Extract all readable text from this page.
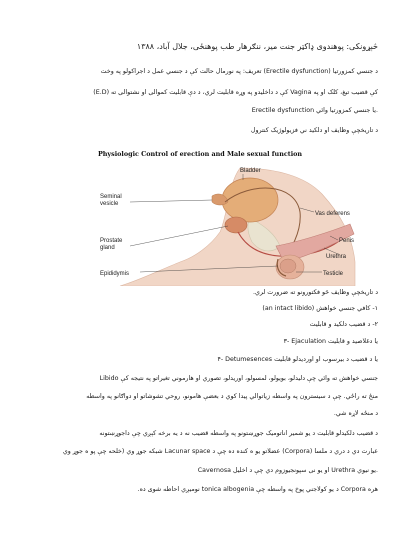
څېړونکی: پوهندوی ډاکټر جنت میر، ننګرهار طب پوهنځی، جلال آباد، ۱۳۸۸
د جنسي کمزورتیا (Erectile dysfunction) تعریف: په نورمال حالت کې د جنسي عمل د اجراکولو په وخت
کې قضیب تیغ، کلک او په Vagina کې د داخلیدو په وړه قابلیت لري، د دې قابلیت کموالی او نشتوالی ته (E.D)
Erectile dysfunction یا جنسي کمزورتیا وائي.
د تاریخچې وظایف او دلکید ني فزیولوژیک کنترول
Physiologic Control of erection and Male sexual function
Bladder
Seminal vesicle
Vas deferens
Prostate gland
Penis
Urethra
Epididymis	Testicle
د تاریخچې وظایف څو فکتورونو ته ضرورت لري.
۱- کافي جنسي خواهش (an intact libido)
۲- د قضیب دلکید و قابلیت
۳- Ejaculation یا دغلاصید و قابلیت
۴- Detumesences یا د قضیب د بیرسوب او اوردیدلو قابلیت
Libido جنسي خواهش ته وائي چې دلیدلو، بویولو، لمسولو، اوریدلو، تصوري او هارموني تغیراتو په نتیجه کې
منځ ته راځي. چې د سیسترون په واسطه زیاتوالي پیدا کوي د بعضې هامونو، روحي تشوشاتو او دواګانو په واسطه
د منځه لاړه شي.
د قضیب دلکیدلو قابلیت د یو شمیر اناتومیک جوړښتونو په واسطه قضیب نه د یه برخه کېږي چې داجوړښتونه
عبارت دي د دري د ملسا (Corpora) عضلاتو یو ه کنده ده چې د Lacunar space شبکه جوړ وي (خلحه چې پو ه جوړ وي
Cavernosa او یو نی سپونجیوزوم دي چې د اخلیل Urethra یو نیوي.
هره Corpora د یو کولاجني پوخ په واسطه چې tonica albogenia نوميږي احاطه شوی ده.
